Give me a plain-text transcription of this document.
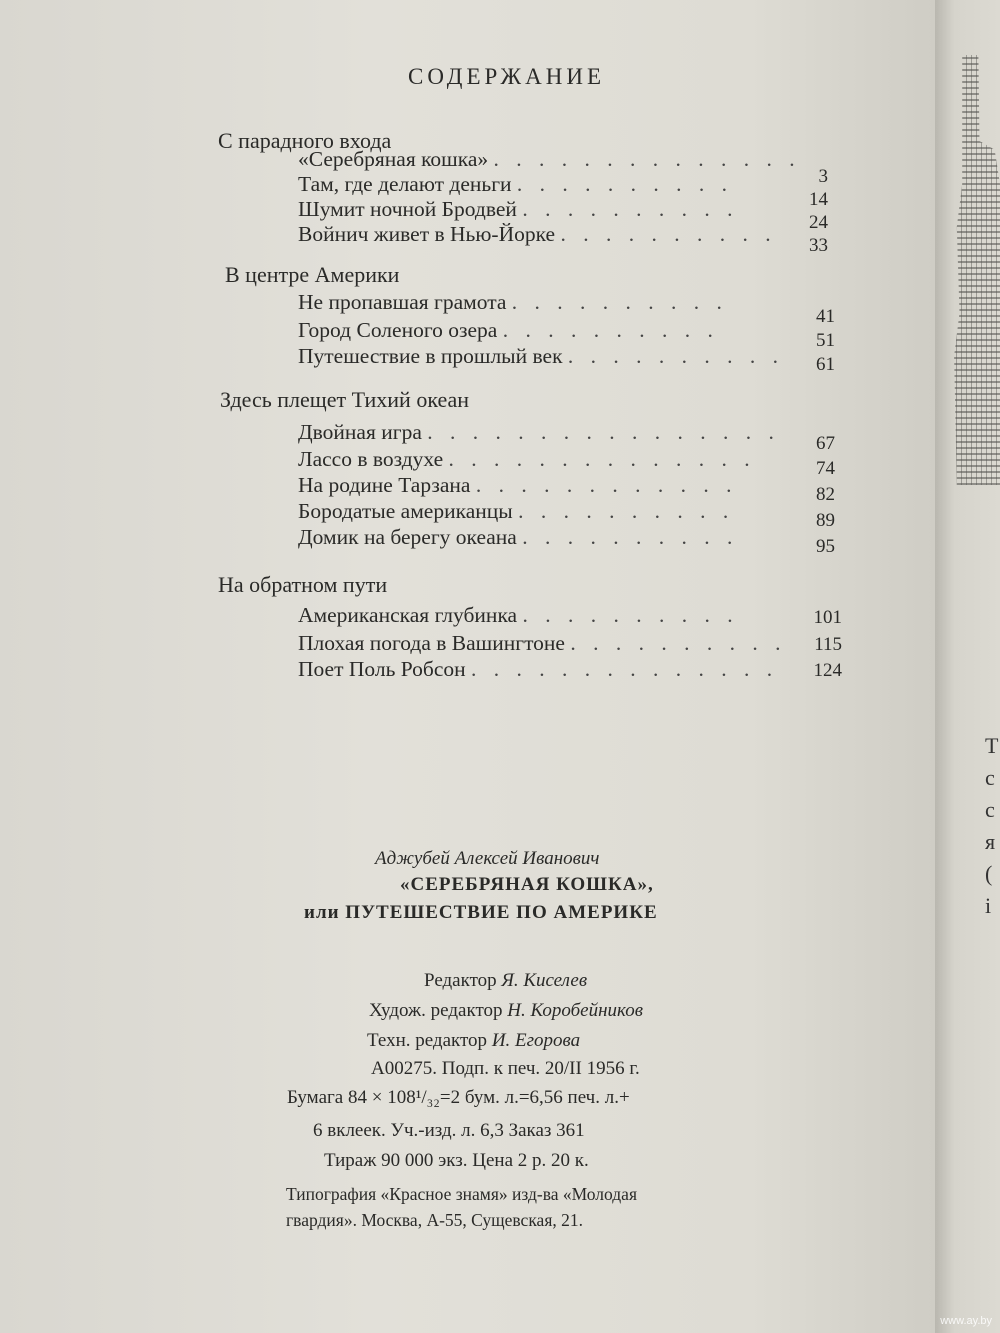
СОДЕРЖАНИЕ
С парадного входа
«Серебряная кошка» . . . . . . . . . . . . . .
Там, где делают деньги . . . . . . . . . .
Шумит ночной Бродвей . . . . . . . . . .
Войнич живет в Нью-Йорке . . . . . . . . . .
3
14
24
33
В центре Америки
Не пропавшая грамота . . . . . . . . . .
Город Соленого озера . . . . . . . . . .
Путешествие в прошлый век . . . . . . . . . .
41
51
61
Здесь плещет Тихий океан
Двойная игра . . . . . . . . . . . . . . . .
Лассо в воздухе . . . . . . . . . . . . . .
На родине Тарзана . . . . . . . . . . . .
Бородатые американцы . . . . . . . . . .
Домик на берегу океана . . . . . . . . . .
67
74
82
89
95
На обратном пути
Американская глубинка . . . . . . . . . .
Плохая погода в Вашингтоне . . . . . . . . . .
Поет Поль Робсон . . . . . . . . . . . . . .
101
115
124
Аджубей Алексей Иванович
«СЕРЕБРЯНАЯ КОШКА»,
или ПУТЕШЕСТВИЕ ПО АМЕРИКЕ
Редактор Я. Киселев
Худож. редактор Н. Коробейников
Техн. редактор И. Егорова
А00275. Подп. к печ. 20/II 1956 г.
Бумага 84 × 108¹/₃₂=2 бум. л.=6,56 печ. л.+
6 вклеек. Уч.-изд. л. 6,3 Заказ 361
Тираж 90 000 экз. Цена 2 р. 20 к.
Типография «Красное знамя» изд-ва «Молодая
гвардия». Москва, А-55, Сущевская, 21.
Т
с
с
я
(
і
www.ay.by
